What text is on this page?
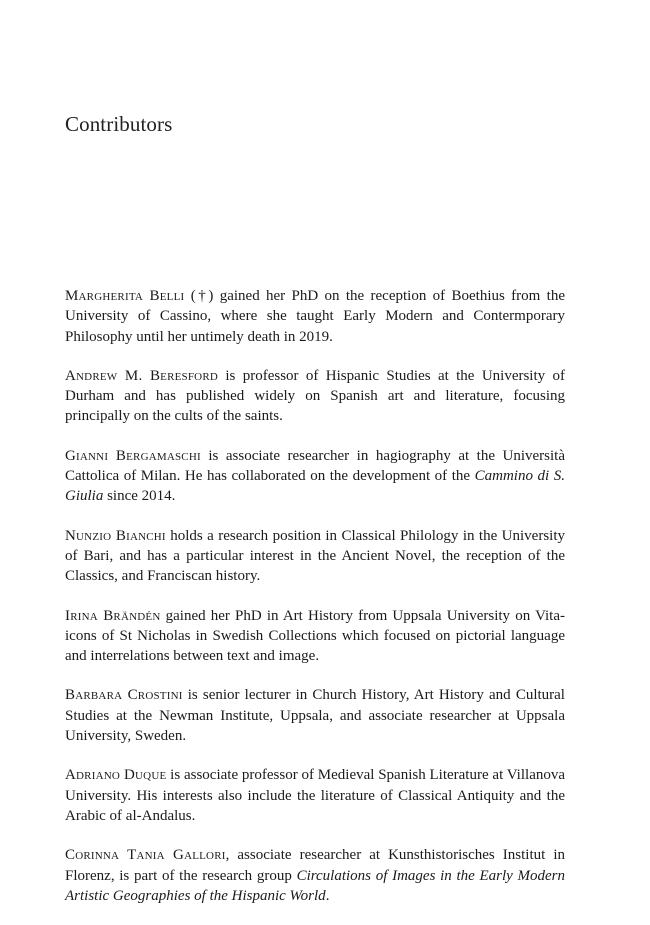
Contributors

Margherita Belli (†) gained her PhD on the reception of Boethius from the University of Cassino, where she taught Early Modern and Contermporary Philosophy until her untimely death in 2019.

Andrew M. Beresford is professor of Hispanic Studies at the University of Durham and has published widely on Spanish art and literature, focusing principally on the cults of the saints.

Gianni Bergamaschi is associate researcher in hagiography at the Università Cattolica of Milan. He has collaborated on the development of the Cammino di S. Giulia since 2014.

Nunzio Bianchi holds a research position in Classical Philology in the University of Bari, and has a particular interest in the Ancient Novel, the reception of the Classics, and Franciscan history.

Irina Brändén gained her PhD in Art History from Uppsala University on Vita-icons of St Nicholas in Swedish Collections which focused on pictorial language and interrelations between text and image.

Barbara Crostini is senior lecturer in Church History, Art History and Cultural Studies at the Newman Institute, Uppsala, and associate researcher at Uppsala University, Sweden.

Adriano Duque is associate professor of Medieval Spanish Literature at Villanova University. His interests also include the literature of Classical Antiquity and the Arabic of al-Andalus.

Corinna Tania Gallori, associate researcher at Kunsthistorisches Institut in Florenz, is part of the research group Circulations of Images in the Early Modern Artistic Geographies of the Hispanic World.
